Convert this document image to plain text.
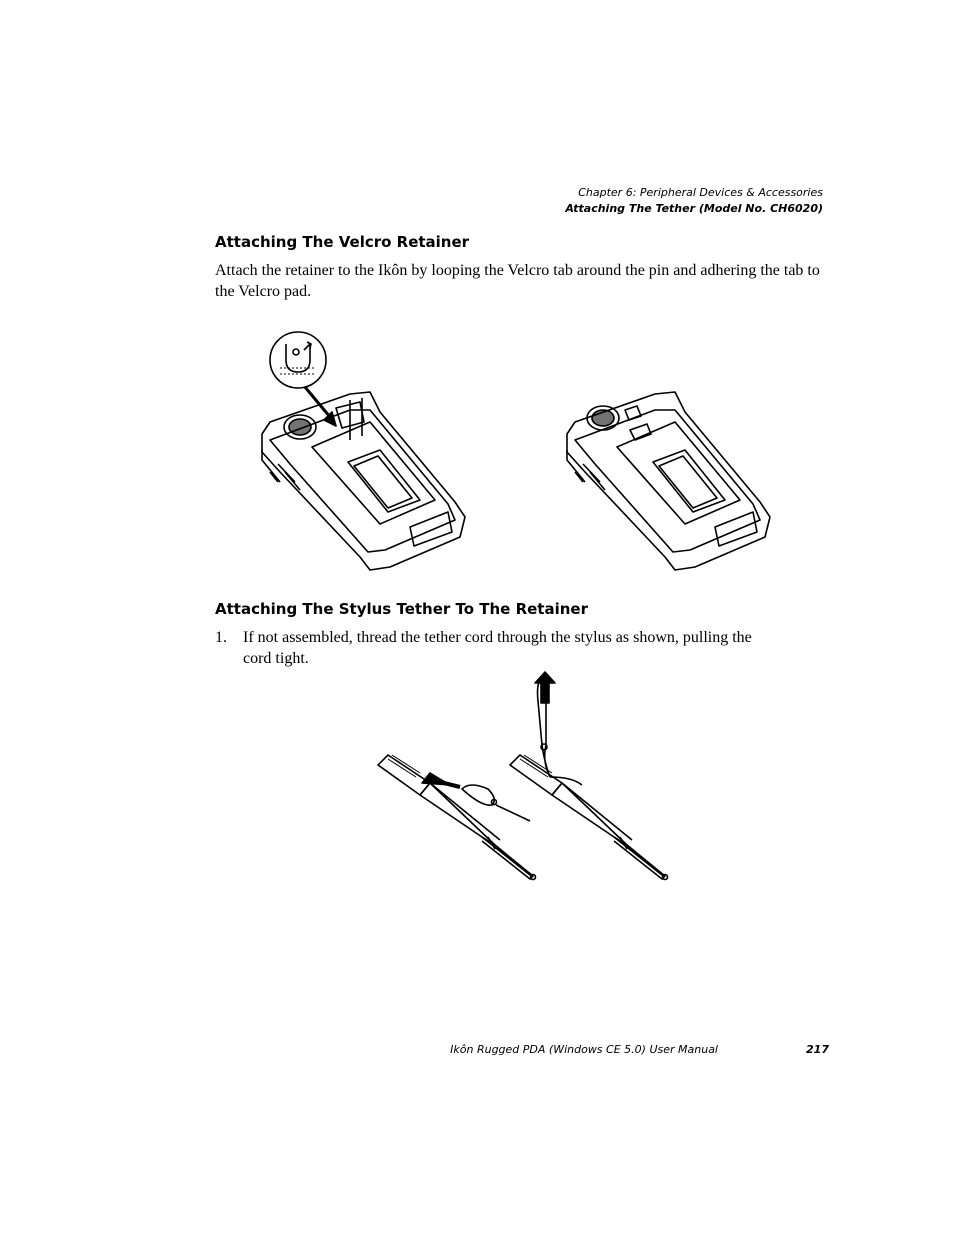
Chapter 6: Peripheral Devices & Accessories
Attaching The Tether (Model No. CH6020)
Attaching The Velcro Retainer

Attach the retainer to the Ikôn by looping the Velcro tab around the pin and adhering the tab to the Velcro pad.

Attaching The Stylus Tether To The Retainer
1. If not assembled, thread the tether cord through the stylus as shown, pulling the cord tight.
Ikôn Rugged PDA (Windows CE 5.0) User Manual	217
